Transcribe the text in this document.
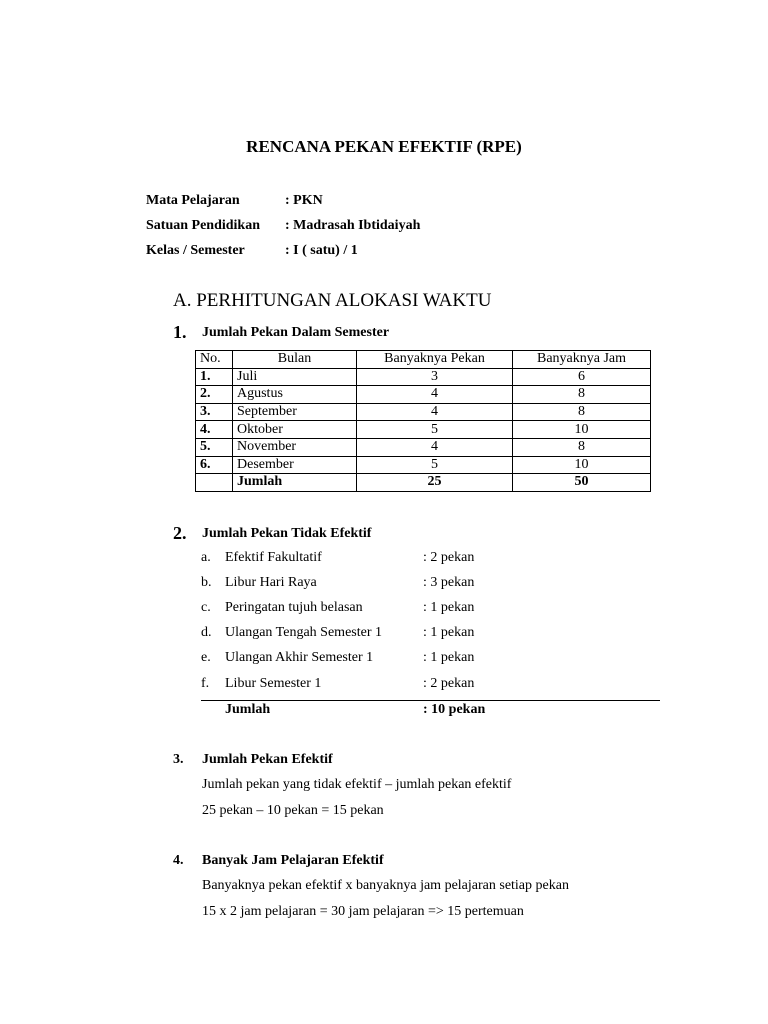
RENCANA PEKAN EFEKTIF (RPE)
Mata Pelajaran	: PKN
Satuan Pendidikan : Madrasah Ibtidaiyah
Kelas / Semester	: I ( satu) / 1
A. PERHITUNGAN ALOKASI WAKTU
1. Jumlah Pekan Dalam Semester
No.	Bulan	Banyaknya Pekan	Banyaknya Jam
1.	Juli	3	6
2.	Agustus	4	8
3.	September	4	8
4.	Oktober	5	10
5.	November	4	8
6.	Desember	5	10
	Jumlah	25	50
2. Jumlah Pekan Tidak Efektif
a. Efektif Fakultatif	: 2 pekan
b. Libur Hari Raya	: 3 pekan
c. Peringatan tujuh belasan	: 1 pekan
d. Ulangan Tengah Semester 1	: 1 pekan
e. Ulangan Akhir Semester 1	: 1 pekan
f. Libur Semester 1	: 2 pekan
Jumlah	: 10 pekan
3. Jumlah Pekan Efektif
Jumlah pekan yang tidak efektif – jumlah pekan efektif
25 pekan – 10 pekan = 15 pekan
4. Banyak Jam Pelajaran Efektif
Banyaknya pekan efektif x banyaknya jam pelajaran setiap pekan
15 x 2 jam pelajaran = 30 jam pelajaran => 15 pertemuan
